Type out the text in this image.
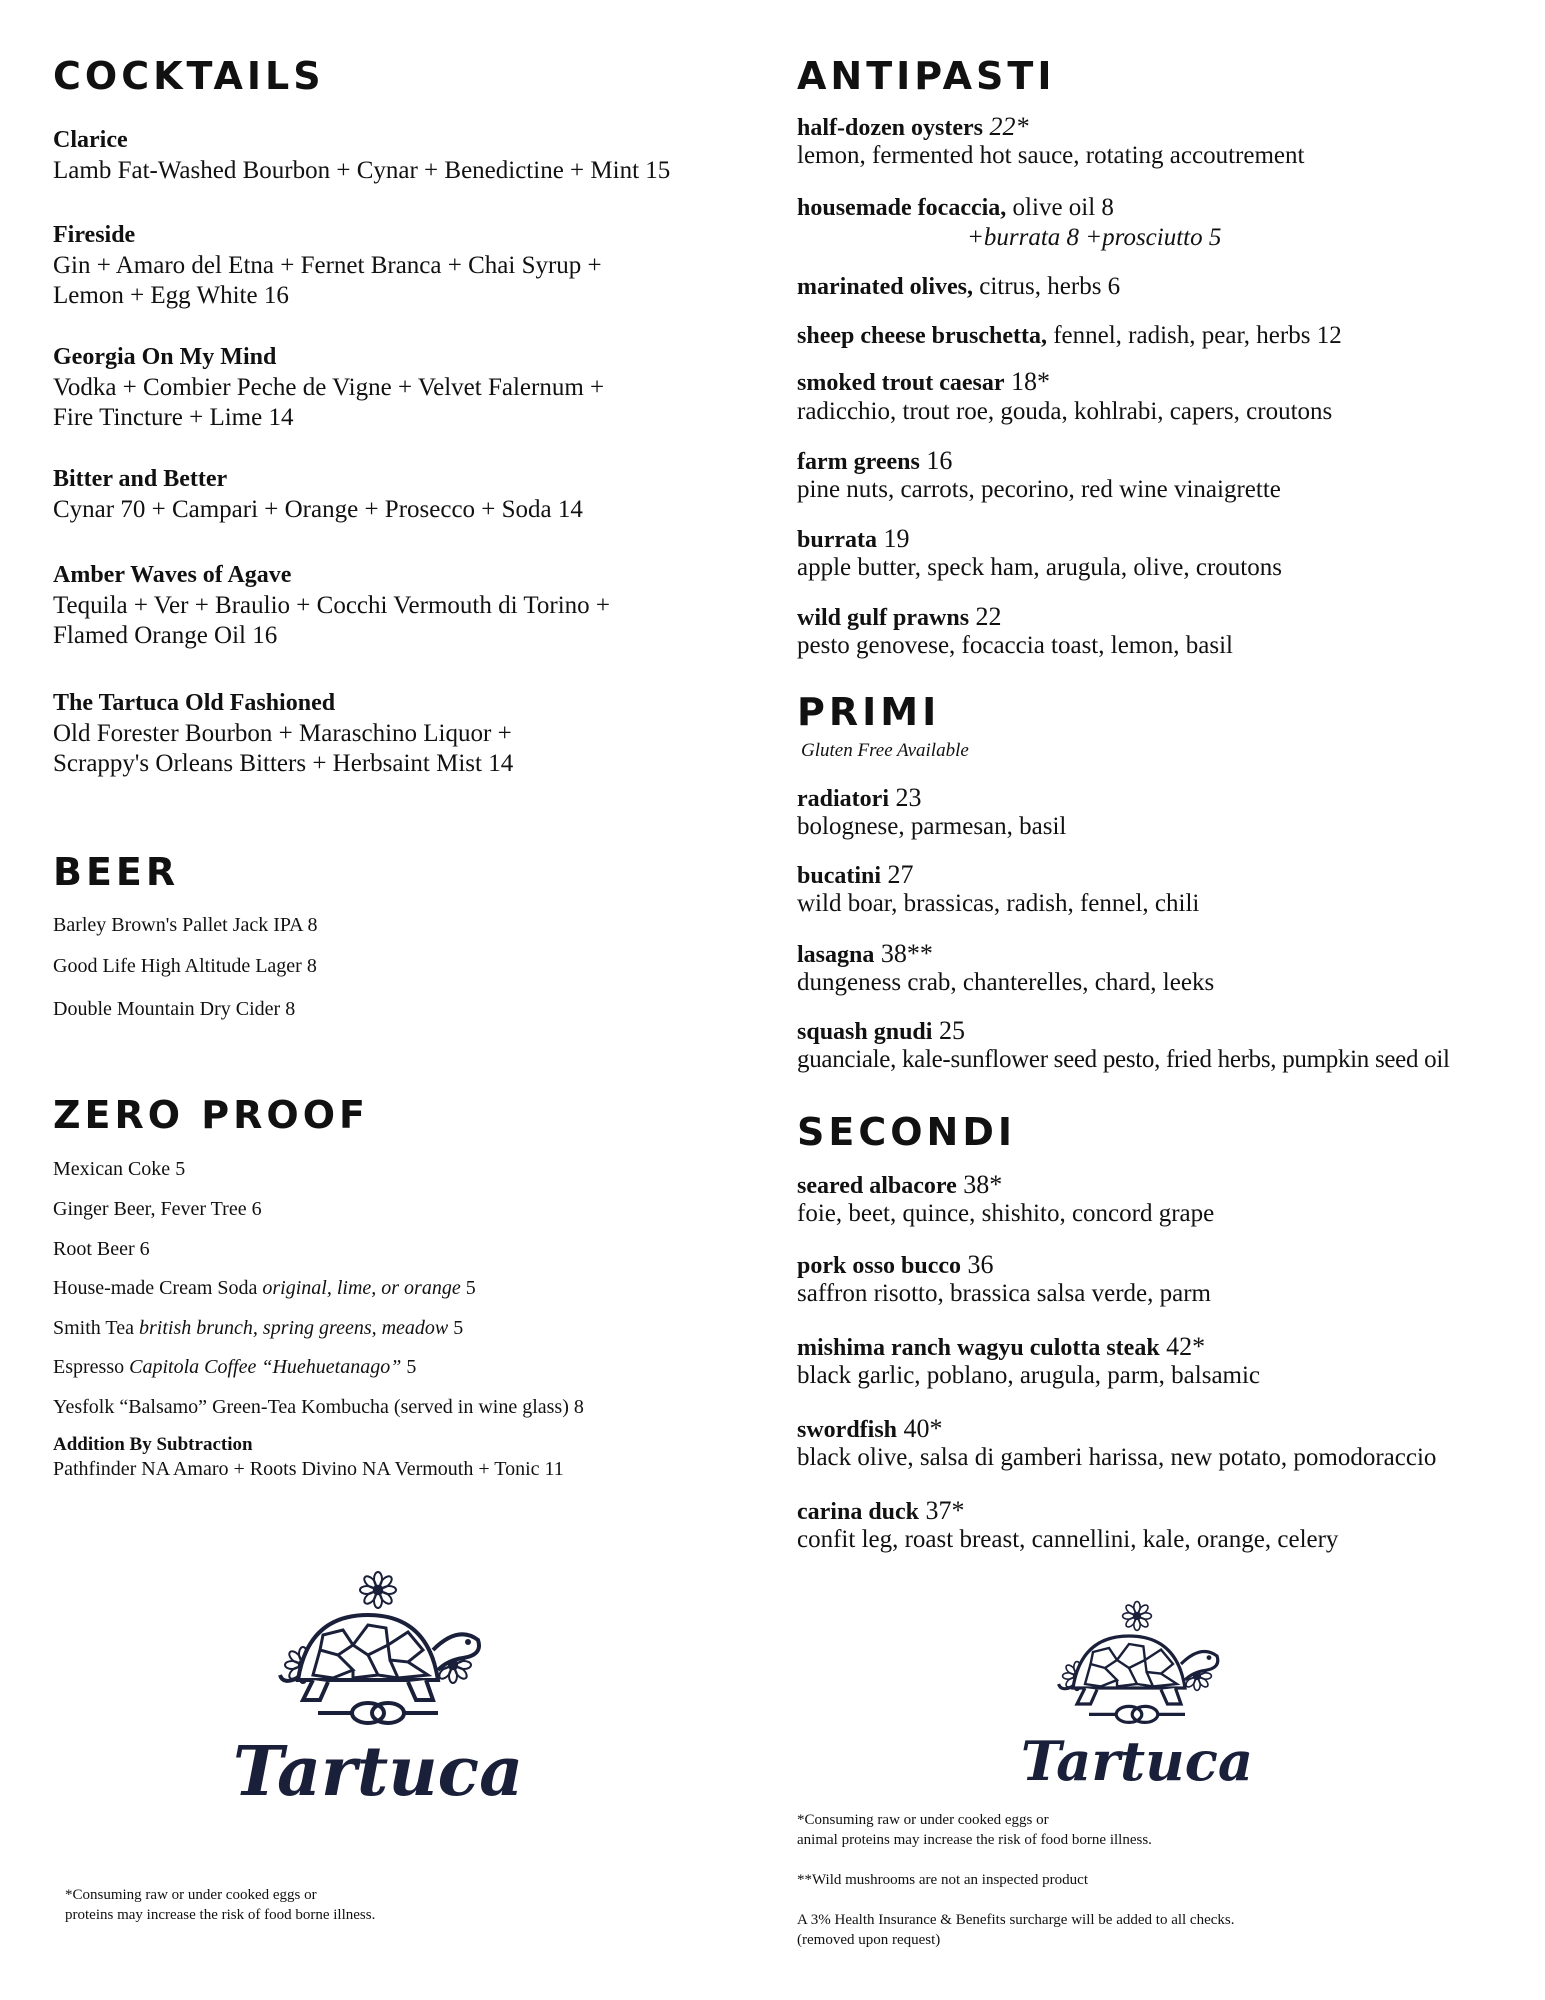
COCKTAILS
Clarice
Lamb Fat-Washed Bourbon + Cynar + Benedictine + Mint 15
Fireside
Gin + Amaro del Etna + Fernet Branca + Chai Syrup +
Lemon + Egg White 16
Georgia On My Mind
Vodka + Combier Peche de Vigne + Velvet Falernum +
Fire Tincture + Lime 14
Bitter and Better
Cynar 70 + Campari + Orange + Prosecco + Soda 14
Amber Waves of Agave
Tequila + Ver + Braulio + Cocchi Vermouth di Torino +
Flamed Orange Oil 16
The Tartuca Old Fashioned
Old Forester Bourbon + Maraschino Liquor +
Scrappy's Orleans Bitters + Herbsaint Mist 14
BEER
Barley Brown's Pallet Jack IPA 8
Good Life High Altitude Lager 8
Double Mountain Dry Cider 8
ZERO PROOF
Mexican Coke 5
Ginger Beer, Fever Tree 6
Root Beer 6
House-made Cream Soda original, lime, or orange 5
Smith Tea british brunch, spring greens, meadow 5
Espresso Capitola Coffee “Huehuetanago” 5
Yesfolk “Balsamo” Green-Tea Kombucha (served in wine glass) 8
Addition By Subtraction
Pathfinder NA Amaro + Roots Divino NA Vermouth + Tonic 11
Tartuca
*Consuming raw or under cooked eggs or
proteins may increase the risk of food borne illness.
ANTIPASTI
half-dozen oysters 22*
lemon, fermented hot sauce, rotating accoutrement
housemade focaccia, olive oil 8
+burrata 8 +prosciutto 5
marinated olives, citrus, herbs 6
sheep cheese bruschetta, fennel, radish, pear, herbs 12
smoked trout caesar 18*
radicchio, trout roe, gouda, kohlrabi, capers, croutons
farm greens 16
pine nuts, carrots, pecorino, red wine vinaigrette
burrata 19
apple butter, speck ham, arugula, olive, croutons
wild gulf prawns 22
pesto genovese, focaccia toast, lemon, basil
PRIMI
Gluten Free Available
radiatori 23
bolognese, parmesan, basil
bucatini 27
wild boar, brassicas, radish, fennel, chili
lasagna 38**
dungeness crab, chanterelles, chard, leeks
squash gnudi 25
guanciale, kale-sunflower seed pesto, fried herbs, pumpkin seed oil
SECONDI
seared albacore 38*
foie, beet, quince, shishito, concord grape
pork osso bucco 36
saffron risotto, brassica salsa verde, parm
mishima ranch wagyu culotta steak 42*
black garlic, poblano, arugula, parm, balsamic
swordfish 40*
black olive, salsa di gamberi harissa, new potato, pomodoraccio
carina duck 37*
confit leg, roast breast, cannellini, kale, orange, celery
Tartuca
*Consuming raw or under cooked eggs or
animal proteins may increase the risk of food borne illness.
**Wild mushrooms are not an inspected product
A 3% Health Insurance & Benefits surcharge will be added to all checks.
(removed upon request)
